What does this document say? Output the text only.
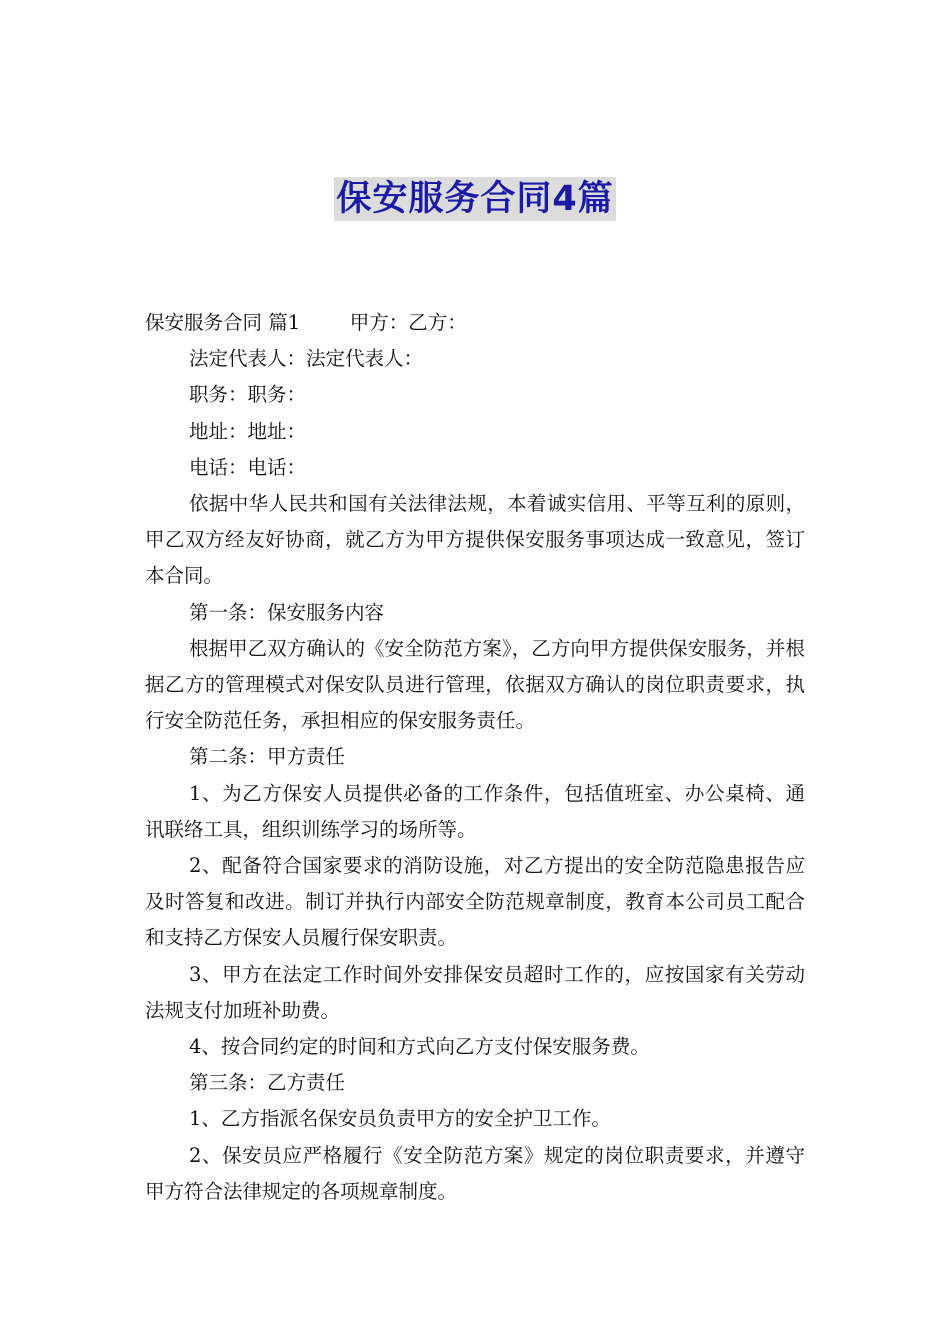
保安服务合同4篇

保安服务合同 篇1	甲方：乙方：

法定代表人：法定代表人：

职务：职务：

地址：地址：

电话：电话：

依据中华人民共和国有关法律法规，本着诚实信用、平等互利的原则，甲乙双方经友好协商，就乙方为甲方提供保安服务事项达成一致意见，签订本合同。

第一条：保安服务内容

根据甲乙双方确认的《安全防范方案》，乙方向甲方提供保安服务，并根据乙方的管理模式对保安队员进行管理，依据双方确认的岗位职责要求，执行安全防范任务，承担相应的保安服务责任。

第二条：甲方责任

1、为乙方保安人员提供必备的工作条件，包括值班室、办公桌椅、通讯联络工具，组织训练学习的场所等。

2、配备符合国家要求的消防设施，对乙方提出的安全防范隐患报告应及时答复和改进。制订并执行内部安全防范规章制度，教育本公司员工配合和支持乙方保安人员履行保安职责。

3、甲方在法定工作时间外安排保安员超时工作的，应按国家有关劳动法规支付加班补助费。

4、按合同约定的时间和方式向乙方支付保安服务费。

第三条：乙方责任

1、乙方指派名保安员负责甲方的安全护卫工作。

2、保安员应严格履行《安全防范方案》规定的岗位职责要求，并遵守甲方符合法律规定的各项规章制度。
